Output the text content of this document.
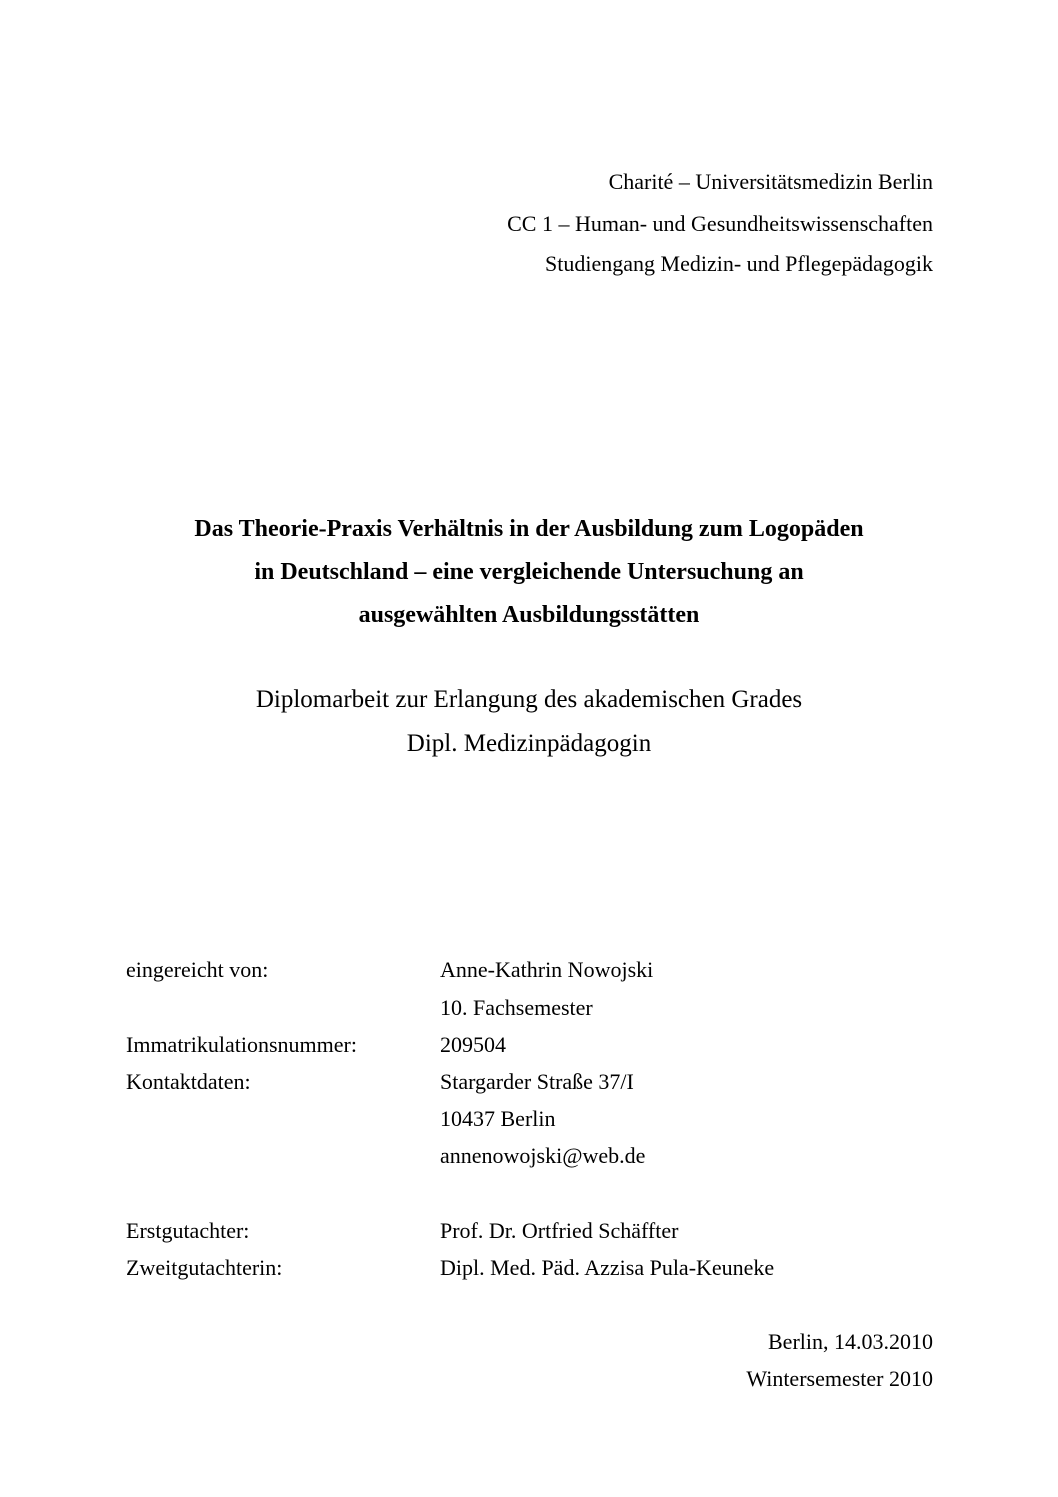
Charité – Universitätsmedizin Berlin
CC 1 – Human- und Gesundheitswissenschaften
Studiengang Medizin- und Pflegepädagogik
Das Theorie-Praxis Verhältnis in der Ausbildung zum Logopäden
in Deutschland – eine vergleichende Untersuchung an
ausgewählten Ausbildungsstätten
Diplomarbeit zur Erlangung des akademischen Grades
Dipl. Medizinpädagogin
eingereicht von:	Anne-Kathrin Nowojski
10. Fachsemester
Immatrikulationsnummer:	209504
Kontaktdaten:	Stargarder Straße 37/I
10437 Berlin
annenowojski@web.de
Erstgutachter:	Prof. Dr. Ortfried Schäffter
Zweitgutachterin:	Dipl. Med. Päd. Azzisa Pula-Keuneke
Berlin, 14.03.2010
Wintersemester 2010
